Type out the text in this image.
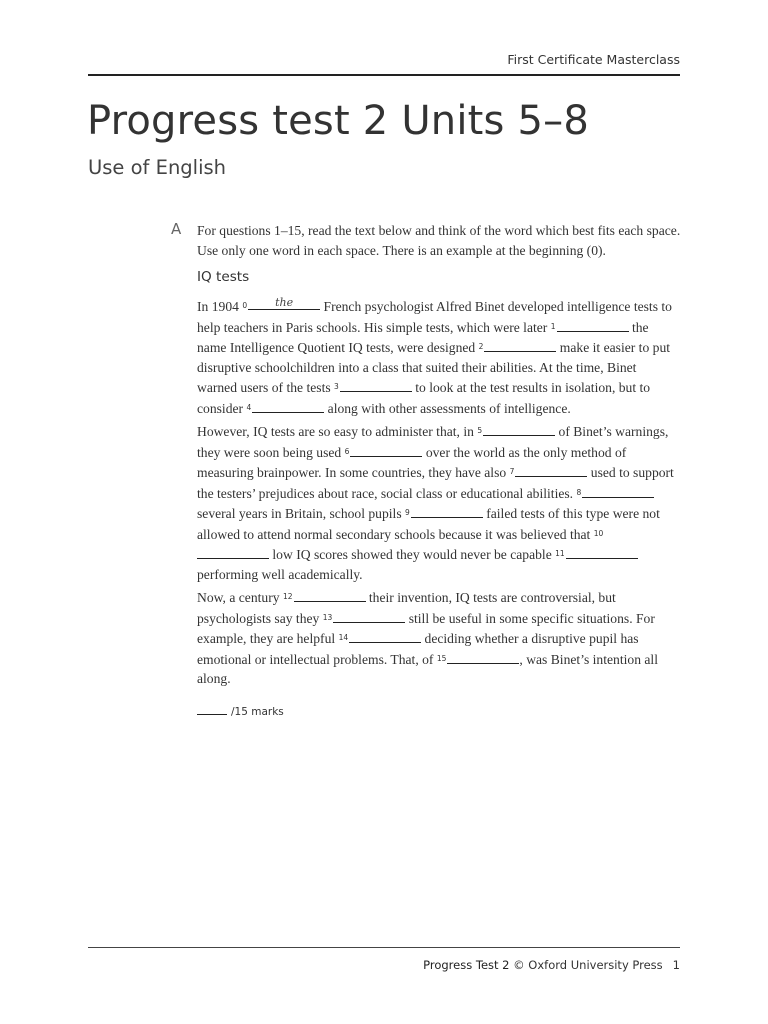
First Certificate Masterclass
Progress test 2 Units 5–8
Use of English
A For questions 1–15, read the text below and think of the word which best fits each space. Use only one word in each space. There is an example at the beginning (0).
IQ tests

In 1904 $^0$	$^{the}$ French psychologist Alfred Binet developed intelligence tests to help teachers in Paris schools. His simple tests, which were later $^1$	the name Intelligence Quotient IQ tests, were designed $^2$	make it easier to put disruptive schoolchildren into a class that suited their abilities. At the time, Binet warned users of the tests $^3$	to look at the test results in isolation, but to consider $^4$	along with other assessments of intelligence.

However, IQ tests are so easy to administer that, in $^5$	of Binet’s warnings, they were soon being used $^6$	over the world as the only method of measuring brainpower. In some countries, they have also $^7$	used to support the testers’ prejudices about race, social class or educational abilities. $^8$ several years in Britain, school pupils $^9$	failed tests of this type were not allowed to attend normal secondary schools because it was believed that $^{10}$ low IQ scores showed they would never be capable $^{11}$ performing well academically.

Now, a century $^{12}$	their invention, IQ tests are controversial, but psychologists say they $^{13}$	still be useful in some specific situations. For example, they are helpful $^{14}$	deciding whether a disruptive pupil has emotional or intellectual problems. That, of $^{15}$	, was Binet’s intention all along.

/15 marks
Progress Test 2 © Oxford University Press 1
